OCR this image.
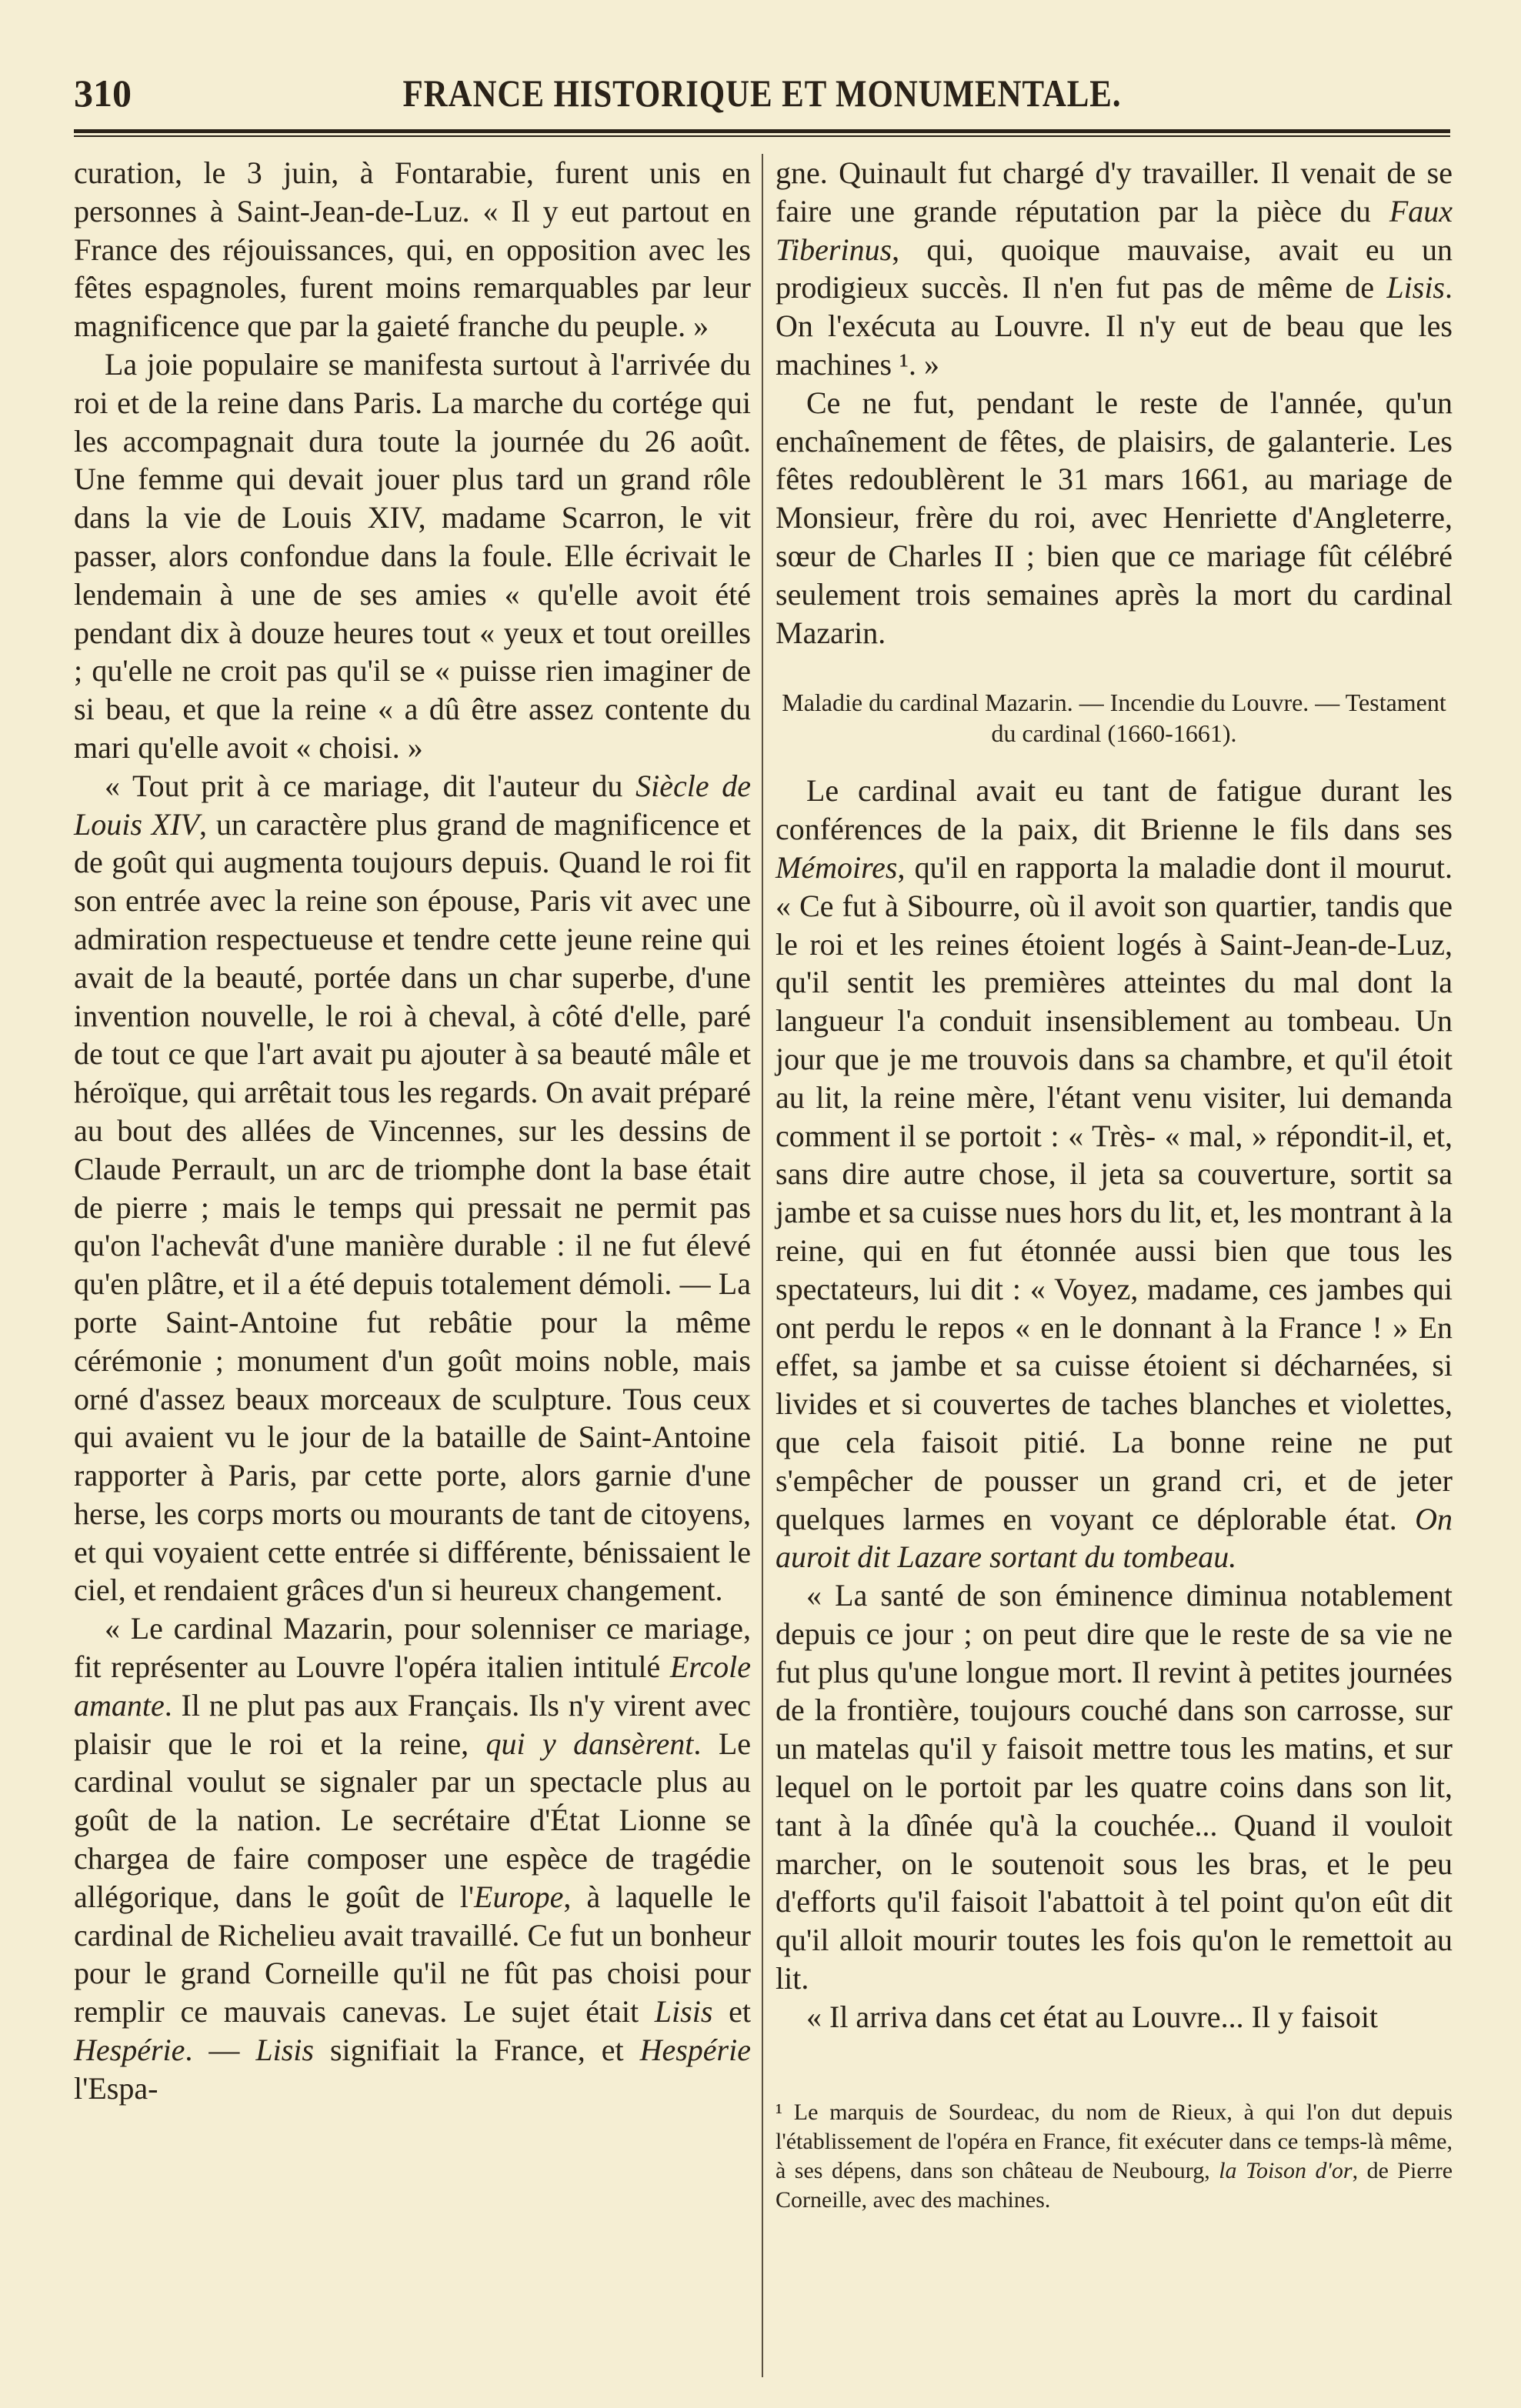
310	FRANCE HISTORIQUE ET MONUMENTALE.

curation, le 3 juin, à Fontarabie, furent unis en personnes à Saint-Jean-de-Luz. « Il y eut partout en France des réjouissances, qui, en opposition avec les fêtes espagnoles, furent moins remarquables par leur magnificence que par la gaieté franche du peuple. »

La joie populaire se manifesta surtout à l'arrivée du roi et de la reine dans Paris. La marche du cortége qui les accompagnait dura toute la journée du 26 août. Une femme qui devait jouer plus tard un grand rôle dans la vie de Louis XIV, madame Scarron, le vit passer, alors confondue dans la foule. Elle écrivait le lendemain à une de ses amies « qu'elle avoit été pendant dix à douze heures tout « yeux et tout oreilles ; qu'elle ne croit pas qu'il se « puisse rien imaginer de si beau, et que la reine « a dû être assez contente du mari qu'elle avoit « choisi. »

« Tout prit à ce mariage, dit l'auteur du Siècle de Louis XIV, un caractère plus grand de magnificence et de goût qui augmenta toujours depuis. Quand le roi fit son entrée avec la reine son épouse, Paris vit avec une admiration respectueuse et tendre cette jeune reine qui avait de la beauté, portée dans un char superbe, d'une invention nouvelle, le roi à cheval, à côté d'elle, paré de tout ce que l'art avait pu ajouter à sa beauté mâle et héroïque, qui arrêtait tous les regards. On avait préparé au bout des allées de Vincennes, sur les dessins de Claude Perrault, un arc de triomphe dont la base était de pierre ; mais le temps qui pressait ne permit pas qu'on l'achevât d'une manière durable : il ne fut élevé qu'en plâtre, et il a été depuis totalement démoli. — La porte Saint-Antoine fut rebâtie pour la même cérémonie ; monument d'un goût moins noble, mais orné d'assez beaux morceaux de sculpture. Tous ceux qui avaient vu le jour de la bataille de Saint-Antoine rapporter à Paris, par cette porte, alors garnie d'une herse, les corps morts ou mourants de tant de citoyens, et qui voyaient cette entrée si différente, bénissaient le ciel, et rendaient grâces d'un si heureux changement.

« Le cardinal Mazarin, pour solenniser ce mariage, fit représenter au Louvre l'opéra italien intitulé Ercole amante. Il ne plut pas aux Français. Ils n'y virent avec plaisir que le roi et la reine, qui y dansèrent. Le cardinal voulut se signaler par un spectacle plus au goût de la nation. Le secrétaire d'État Lionne se chargea de faire composer une espèce de tragédie allégorique, dans le goût de l'Europe, à laquelle le cardinal de Richelieu avait travaillé. Ce fut un bonheur pour le grand Corneille qu'il ne fût pas choisi pour remplir ce mauvais canevas. Le sujet était Lisis et Hespérie. — Lisis signifiait la France, et Hespérie l'Espa-

gne. Quinault fut chargé d'y travailler. Il venait de se faire une grande réputation par la pièce du Faux Tiberinus, qui, quoique mauvaise, avait eu un prodigieux succès. Il n'en fut pas de même de Lisis. On l'exécuta au Louvre. Il n'y eut de beau que les machines ¹. »

Ce ne fut, pendant le reste de l'année, qu'un enchaînement de fêtes, de plaisirs, de galanterie. Les fêtes redoublèrent le 31 mars 1661, au mariage de Monsieur, frère du roi, avec Henriette d'Angleterre, sœur de Charles II ; bien que ce mariage fût célébré seulement trois semaines après la mort du cardinal Mazarin.

Maladie du cardinal Mazarin. — Incendie du Louvre. — Testament du cardinal (1660-1661).

Le cardinal avait eu tant de fatigue durant les conférences de la paix, dit Brienne le fils dans ses Mémoires, qu'il en rapporta la maladie dont il mourut. « Ce fut à Sibourre, où il avoit son quartier, tandis que le roi et les reines étoient logés à Saint-Jean-de-Luz, qu'il sentit les premières atteintes du mal dont la langueur l'a conduit insensiblement au tombeau. Un jour que je me trouvois dans sa chambre, et qu'il étoit au lit, la reine mère, l'étant venu visiter, lui demanda comment il se portoit : « Très- « mal, » répondit-il, et, sans dire autre chose, il jeta sa couverture, sortit sa jambe et sa cuisse nues hors du lit, et, les montrant à la reine, qui en fut étonnée aussi bien que tous les spectateurs, lui dit : « Voyez, madame, ces jambes qui ont perdu le repos « en le donnant à la France ! » En effet, sa jambe et sa cuisse étoient si décharnées, si livides et si couvertes de taches blanches et violettes, que cela faisoit pitié. La bonne reine ne put s'empêcher de pousser un grand cri, et de jeter quelques larmes en voyant ce déplorable état. On auroit dit Lazare sortant du tombeau.

« La santé de son éminence diminua notablement depuis ce jour ; on peut dire que le reste de sa vie ne fut plus qu'une longue mort. Il revint à petites journées de la frontière, toujours couché dans son carrosse, sur un matelas qu'il y faisoit mettre tous les matins, et sur lequel on le portoit par les quatre coins dans son lit, tant à la dînée qu'à la couchée... Quand il vouloit marcher, on le soutenoit sous les bras, et le peu d'efforts qu'il faisoit l'abattoit à tel point qu'on eût dit qu'il alloit mourir toutes les fois qu'on le remettoit au lit.

« Il arriva dans cet état au Louvre... Il y faisoit

¹ Le marquis de Sourdeac, du nom de Rieux, à qui l'on dut depuis l'établissement de l'opéra en France, fit exécuter dans ce temps-là même, à ses dépens, dans son château de Neubourg, la Toison d'or, de Pierre Corneille, avec des machines.
